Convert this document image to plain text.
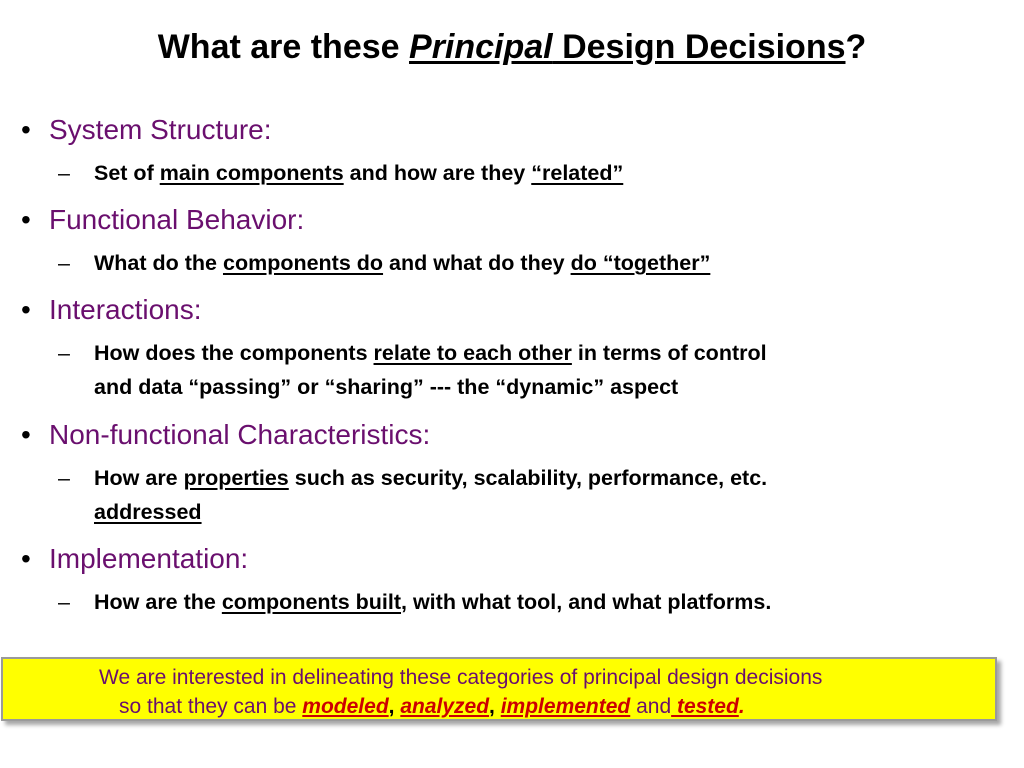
What are these Principal Design Decisions?
• System Structure:
– Set of main components and how are they “related”
• Functional Behavior:
– What do the components do and what do they do “together”
• Interactions:
– How does the components relate to each other in terms of control
and data “passing” or “sharing” --- the “dynamic” aspect
• Non-functional Characteristics:
– How are properties such as security, scalability, performance, etc.
addressed
• Implementation:
– How are the components built, with what tool, and what platforms.
We are interested in delineating these categories of principal design decisions
so that they can be modeled, analyzed, implemented and tested.
